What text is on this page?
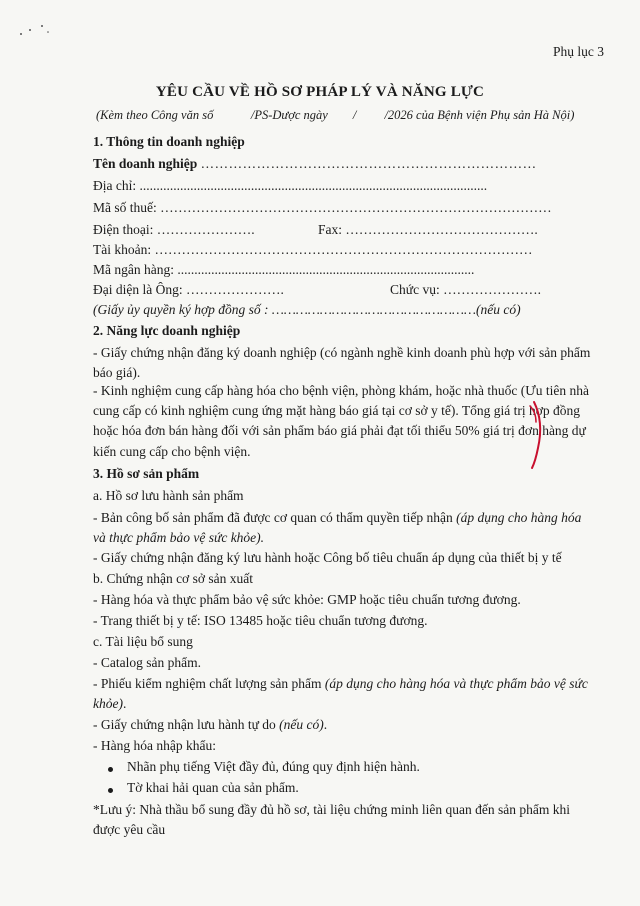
Phụ lục 3
YÊU CẦU VỀ HỒ SƠ PHÁP LÝ VÀ NĂNG LỰC
(Kèm theo Công văn số            /PS-Dược ngày        /         /2026 của Bệnh viện Phụ sản Hà Nội)
1. Thông tin doanh nghiệp
Tên doanh nghiệp ………………………………………………………………
Địa chỉ: .......................................................................................................
Mã số thuế: ……………………………………………………………………………
Điện thoại: ………………….	Fax: …………………………………….
Tài khoản: …………………………………………………………………………
Mã ngân hàng: ........................................................................................
Đại diện là Ông: ………………….	Chức vụ: ………………….
(Giấy ủy quyền ký hợp đồng số : ……………………………………………(nếu có)
2. Năng lực doanh nghiệp
- Giấy chứng nhận đăng ký doanh nghiệp (có ngành nghề kinh doanh phù hợp với sản phẩm
báo giá).
- Kinh nghiệm cung cấp hàng hóa cho bệnh viện, phòng khám, hoặc nhà thuốc (Ưu tiên nhà
cung cấp có kinh nghiệm cung ứng mặt hàng báo giá tại cơ sở y tế). Tổng giá trị hợp đồng
hoặc hóa đơn bán hàng đối với sản phẩm báo giá phải đạt tối thiểu 50% giá trị đơn hàng dự
kiến cung cấp cho bệnh viện.
3. Hồ sơ sản phẩm
a. Hồ sơ lưu hành sản phẩm
- Bản công bố sản phẩm đã được cơ quan có thẩm quyền tiếp nhận (áp dụng cho hàng hóa
và thực phẩm bảo vệ sức khỏe).
- Giấy chứng nhận đăng ký lưu hành hoặc Công bố tiêu chuẩn áp dụng của thiết bị y tế
b. Chứng nhận cơ sở sản xuất
- Hàng hóa và thực phẩm bảo vệ sức khỏe: GMP hoặc tiêu chuẩn tương đương.
- Trang thiết bị y tế: ISO 13485 hoặc tiêu chuẩn tương đương.
c. Tài liệu bổ sung
- Catalog sản phẩm.
- Phiếu kiểm nghiệm chất lượng sản phẩm (áp dụng cho hàng hóa và thực phẩm bảo vệ sức
khỏe).
- Giấy chứng nhận lưu hành tự do (nếu có).
- Hàng hóa nhập khẩu:
Nhãn phụ tiếng Việt đầy đủ, đúng quy định hiện hành.
Tờ khai hải quan của sản phẩm.
*Lưu ý: Nhà thầu bổ sung đầy đủ hồ sơ, tài liệu chứng minh liên quan đến sản phẩm khi
được yêu cầu
